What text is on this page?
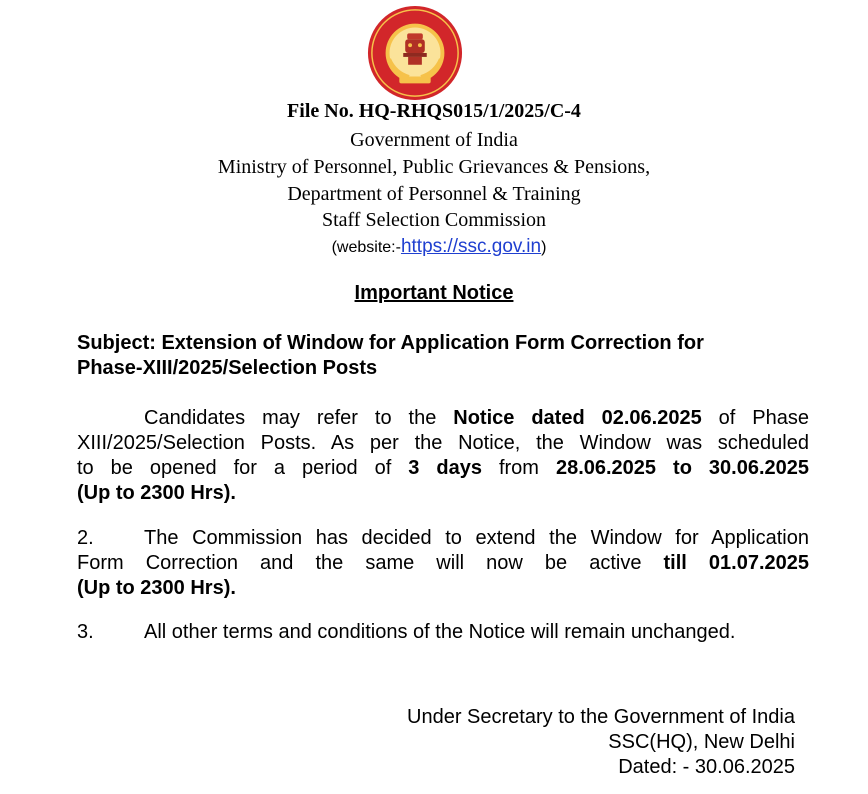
File No. HQ-RHQS015/1/2025/C-4
Government of India
Ministry of Personnel, Public Grievances & Pensions,
Department of Personnel & Training
Staff Selection Commission
(website:-https://ssc.gov.in)
Important Notice
Subject: Extension of Window for Application Form Correction for
Phase-XIII/2025/Selection Posts
Candidates may refer to the Notice dated 02.06.2025 of Phase
XIII/2025/Selection Posts. As per the Notice, the Window was scheduled
to be opened for a period of 3 days from 28.06.2025 to 30.06.2025
(Up to 2300 Hrs).
2.	The Commission has decided to extend the Window for Application
Form Correction and the same will now be active till 01.07.2025
(Up to 2300 Hrs).
3.	All other terms and conditions of the Notice will remain unchanged.
Under Secretary to the Government of India
SSC(HQ), New Delhi
Dated: - 30.06.2025
